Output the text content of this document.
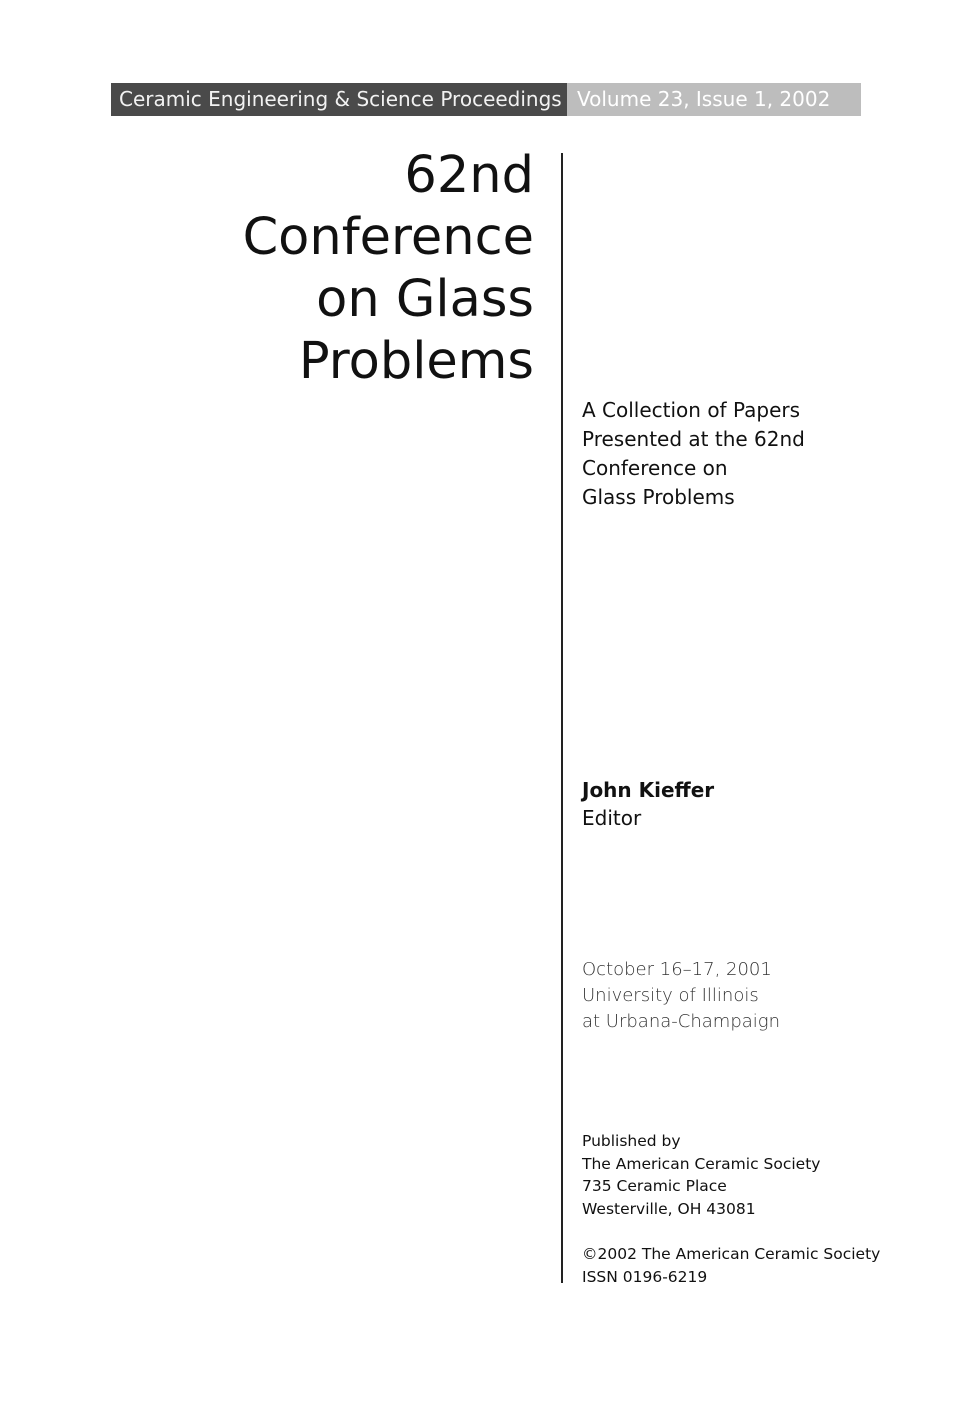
Ceramic Engineering & Science Proceedings Volume 23, Issue 1, 2002
62nd
Conference
on Glass
Problems
A Collection of Papers
Presented at the 62nd
Conference on
Glass Problems
John Kieffer
Editor
October 16–17, 2001
University of Illinois
at Urbana-Champaign
Published by
The American Ceramic Society
735 Ceramic Place
Westerville, OH 43081
©2002 The American Ceramic Society
ISSN 0196-6219
